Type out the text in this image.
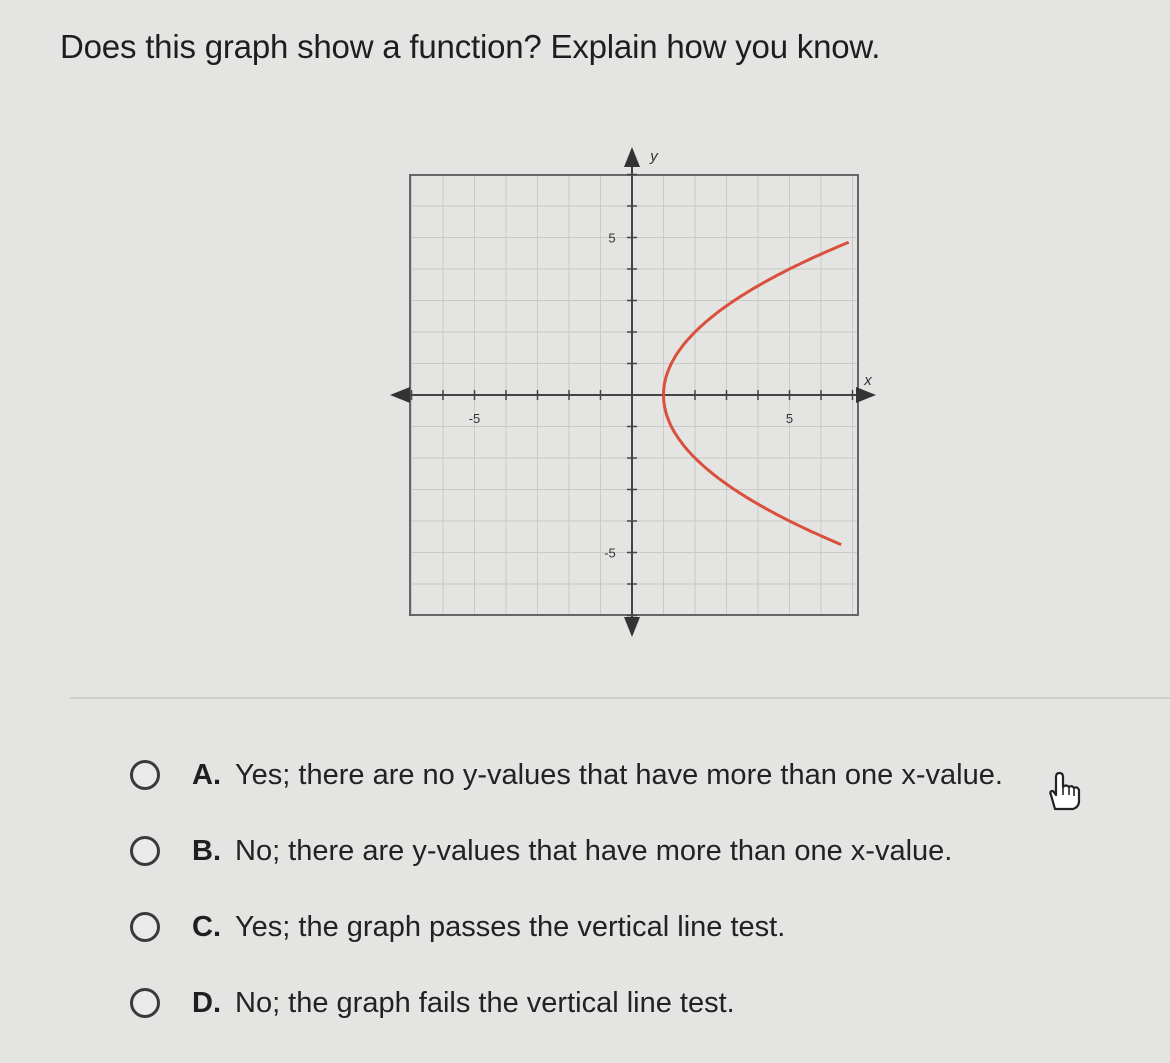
Does this graph show a function? Explain how you know.
-5	5
5
-5
x
y
A. Yes; there are no y-values that have more than one x-value.
B. No; there are y-values that have more than one x-value.
C. Yes; the graph passes the vertical line test.
D. No; the graph fails the vertical line test.
